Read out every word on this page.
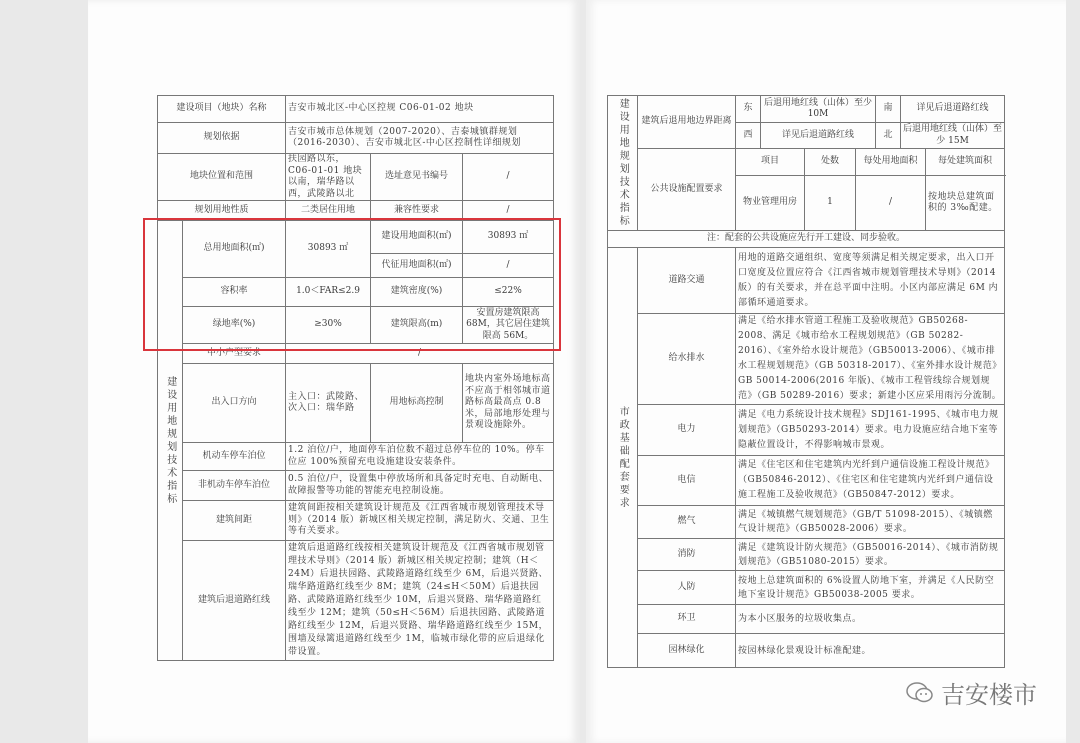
建设项目（地块）名称		吉安市城北区-中心区控规 C06-01-02 地块		
规划依据		吉安市城市总体规划（2007-2020）、吉泰城镇群规划（2016-2030）、吉安市城北区-中心区控制性详细规划		
地块位置和范围		扶园路以东，C06-01-01 地块以南，瑞华路以西，武陵路以北	选址意见书编号	/
规划用地性质		二类居住用地	兼容性要求	/
建设用地规划技术指标	总用地面积(㎡)	30893 ㎡	建设用地面积(㎡)	30893 ㎡
			代征用地面积(㎡)	/
	容积率	1.0＜FAR≤2.9	建筑密度(%)	≤22%
	绿地率(%)	≥30%	建筑限高(m)	安置房建筑限高68M，其它居住建筑限高 56M。
	中小户型要求	/		
	出入口方向	主入口：武陵路、次入口：瑞华路	用地标高控制	地块内室外场地标高不应高于相邻城市道路标高最高点 0.8 米，局部地形处理与景观设施除外。
	机动车停车泊位	1.2 泊位/户，地面停车泊位数不超过总停车位的 10%。停车位应 100%预留充电设施建设安装条件。		
	非机动车停车泊位	0.5 泊位/户，设置集中停放场所和具备定时充电、自动断电、故障报警等功能的智能充电控制设施。		
	建筑间距	建筑间距按相关建筑设计规范及《江西省城市规划管理技术导则》（2014 版）新城区相关规定控制，满足防火、交通、卫生等有关要求。		
	建筑后退道路红线	建筑后退道路红线按相关建筑设计规范及《江西省城市规划管理技术导则》（2014 版）新城区相关规定控制；建筑（H＜24M）后退扶园路、武陵路道路红线至少 6M，后退兴贤路、瑞华路道路红线至少 8M；建筑（24≤H＜50M）后退扶园路、武陵路道路红线至少 10M，后退兴贤路、瑞华路道路红线至少 12M；建筑（50≤H＜56M）后退扶园路、武陵路道路红线至少 12M，后退兴贤路、瑞华路道路红线至少 15M，围墙及绿篱退道路红线至少 1M，临城市绿化带的应后退绿化带设置。		
建设用地规划技术指标	建筑后退用地边界距离	东	后退用地红线（山体）至少 10M			南	详见后退道路红线	
		西	详见后退道路红线			北	后退用地红线（山体）至少 15M	
	公共设施配置要求	项目		处数	每处用地面积			每处建筑面积
		物业管理用房		1	/			按地块总建筑面积的 3‰配建。
注：配套的公共设施应先行开工建设、同步验收。								
市政基础配套要求	道路交通	用地的道路交通组织、宽度等须满足相关规定要求，出入口开口宽度及位置应符合《江西省城市规划管理技术导则》（2014 版）的有关要求，并在总平面中注明。小区内部应满足 6M 内部循环通道要求。						
	给水排水	满足《给水排水管道工程施工及验收规范》GB50268-2008、满足《城市给水工程规划规范》（GB 50282-2016）、《室外给水设计规范》（GB50013-2006）、《城市排水工程规划规范》（GB 50318-2017）、《室外排水设计规范》GB 50014-2006(2016 年版)、《城市工程管线综合规划规范》（GB 50289-2016）要求；新建小区应采用雨污分流制。						
	电力	满足《电力系统设计技术规程》SDJ161-1995、《城市电力规划规范》（GB50293-2014）要求。电力设施应结合地下室等隐蔽位置设计，不得影响城市景观。						
	电信	满足《住宅区和住宅建筑内光纤到户通信设施工程设计规范》（GB50846-2012）、《住宅区和住宅建筑内光纤到户通信设施工程施工及验收规范》（GB50847-2012）要求。						
	燃气	满足《城镇燃气规划规范》（GB/T 51098-2015）、《城镇燃气设计规范》（GB50028-2006）要求。						
	消防	满足《建筑设计防火规范》（GB50016-2014）、《城市消防规划规范》（GB51080-2015）要求。						
	人防	按地上总建筑面积的 6%设置人防地下室，并满足《人民防空地下室设计规范》GB50038-2005 要求。						
	环卫	为本小区服务的垃圾收集点。						
	园林绿化	按园林绿化景观设计标准配建。						
吉安楼市
